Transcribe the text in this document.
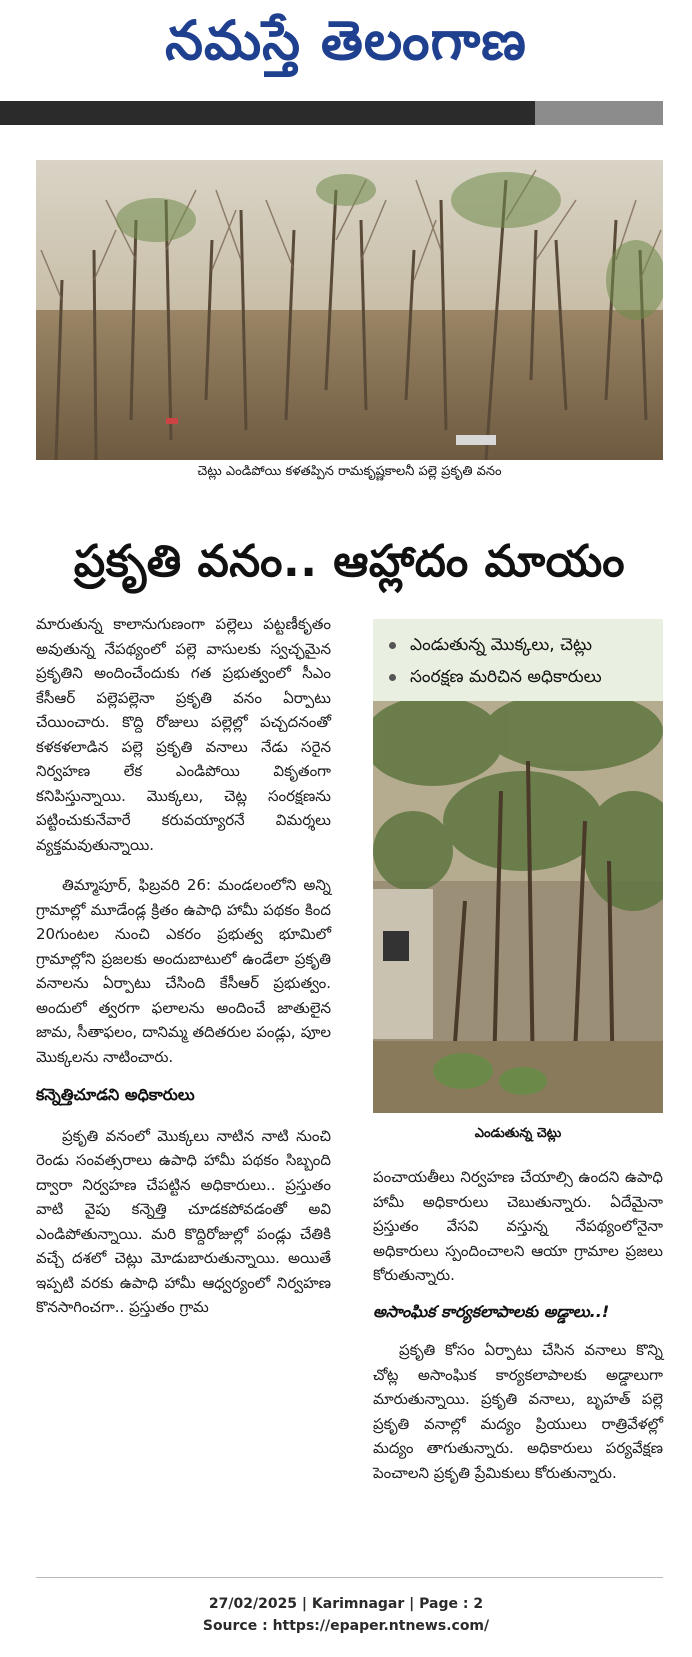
నమస్తే తెలంగాణ
చెట్లు ఎండిపోయి కళతప్పిన రామకృష్ణకాలనీ పల్లె ప్రకృతి వనం
ప్రకృతి వనం.. ఆహ్లాదం మాయం
ఎండుతున్న మొక్కలు, చెట్లు
సంరక్షణ మరిచిన అధికారులు
ఎండుతున్న చెట్లు

మారుతున్న కాలానుగుణంగా పల్లెలు పట్టణీకృతం అవుతున్న నేపథ్యంలో పల్లె వాసులకు స్వచ్ఛమైన ప్రకృతిని అందించేందుకు గత ప్రభుత్వంలో సీఎం కేసీఆర్ పల్లెపల్లెనా ప్రకృతి వనం ఏర్పాటు చేయించారు. కొద్ది రోజులు పల్లెల్లో పచ్చదనంతో కళకళలాడిన పల్లె ప్రకృతి వనాలు నేడు సరైన నిర్వహణ లేక ఎండిపోయి వికృతంగా కనిపిస్తున్నాయి. మొక్కలు, చెట్ల సంరక్షణను పట్టించుకునేవారే కరువయ్యారనే విమర్శలు వ్యక్తమవుతున్నాయి.

తిమ్మాపూర్, ఫిబ్రవరి 26: మండలంలోని అన్ని గ్రామాల్లో మూడేండ్ల క్రితం ఉపాధి హామీ పథకం కింద 20గుంటల నుంచి ఎకరం ప్రభుత్వ భూమిలో గ్రామాల్లోని ప్రజలకు అందుబాటులో ఉండేలా ప్రకృతి వనాలను ఏర్పాటు చేసింది కేసీఆర్ ప్రభుత్వం. అందులో త్వరగా ఫలాలను అందించే జాతులైన జామ, సీతాఫలం, దానిమ్మ తదితరుల పండ్లు, పూల మొక్కలను నాటించారు.

కన్నెత్తిచూడని అధికారులు

ప్రకృతి వనంలో మొక్కలు నాటిన నాటి నుంచి రెండు సంవత్సరాలు ఉపాధి హామీ పథకం సిబ్బంది ద్వారా నిర్వహణ చేపట్టిన అధికారులు.. ప్రస్తుతం వాటి వైపు కన్నెత్తి చూడకపోవడంతో అవి ఎండిపోతున్నాయి. మరి కొద్దిరోజుల్లో పండ్లు చేతికి వచ్చే దశలో చెట్లు మోడుబారుతున్నాయి. అయితే ఇప్పటి వరకు ఉపాధి హామీ ఆధ్వర్యంలో నిర్వహణ కొనసాగించగా.. ప్రస్తుతం గ్రామ

పంచాయతీలు నిర్వహణ చేయాల్సి ఉందని ఉపాధి హామీ అధికారులు చెబుతున్నారు. ఏదేమైనా ప్రస్తుతం వేసవి వస్తున్న నేపథ్యంలోనైనా అధికారులు స్పందించాలని ఆయా గ్రామాల ప్రజలు కోరుతున్నారు.

అసాంఘిక కార్యకలాపాలకు అడ్డాలు..!

ప్రకృతి కోసం ఏర్పాటు చేసిన వనాలు కొన్ని చోట్ల అసాంఘిక కార్యకలాపాలకు అడ్డాలుగా మారుతున్నాయి. ప్రకృతి వనాలు, బృహత్ పల్లె ప్రకృతి వనాల్లో మద్యం ప్రియులు రాత్రివేళల్లో మద్యం తాగుతున్నారు. అధికారులు పర్యవేక్షణ పెంచాలని ప్రకృతి ప్రేమికులు కోరుతున్నారు.

27/02/2025 | Karimnagar | Page : 2
Source : https://epaper.ntnews.com/
